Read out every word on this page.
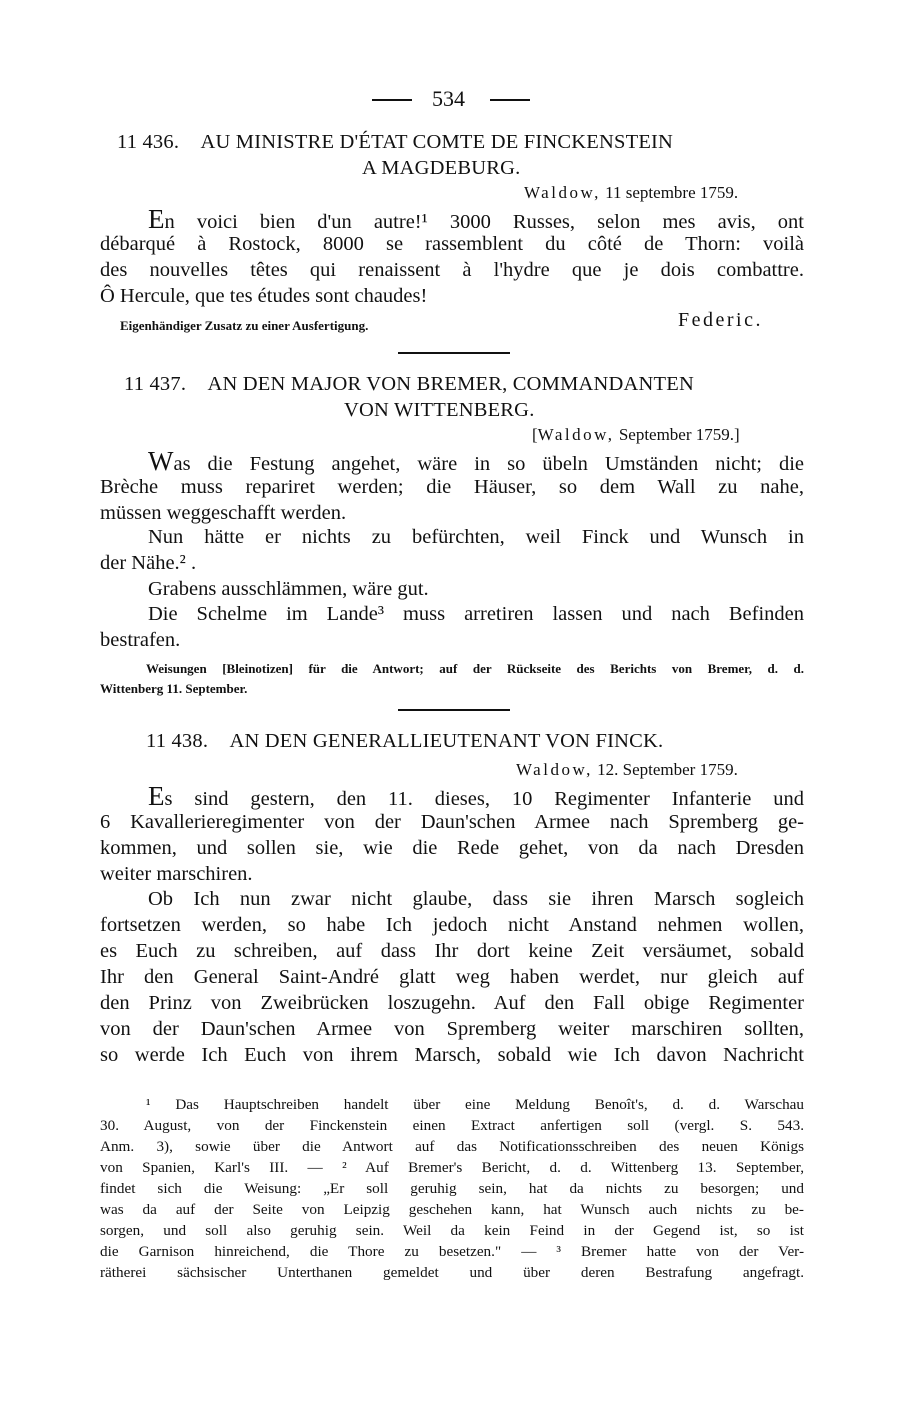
534
11 436. AU MINISTRE D'ÉTAT COMTE DE FINCKENSTEIN
A MAGDEBURG.
Waldow, 11 septembre 1759.
En voici bien d'un autre!¹ 3000 Russes, selon mes avis, ont
débarqué à Rostock, 8000 se rassemblent du côté de Thorn: voilà
des nouvelles têtes qui renaissent à l'hydre que je dois combattre.
Ô Hercule, que tes études sont chaudes!
Eigenhändiger Zusatz zu einer Ausfertigung.	Federic.
11 437. AN DEN MAJOR VON BREMER, COMMANDANTEN
VON WITTENBERG.
[Waldow, September 1759.]
Was die Festung angehet, wäre in so übeln Umständen nicht; die
Brèche muss repariret werden; die Häuser, so dem Wall zu nahe,
müssen weggeschafft werden.
Nun hätte er nichts zu befürchten, weil Finck und Wunsch in
der Nähe.² .
Grabens ausschlämmen, wäre gut.
Die Schelme im Lande³ muss arretiren lassen und nach Befinden
bestrafen.
Weisungen [Bleinotizen] für die Antwort; auf der Rückseite des Berichts von Bremer, d. d.
Wittenberg 11. September.
11 438. AN DEN GENERALLIEUTENANT VON FINCK.
Waldow, 12. September 1759.
Es sind gestern, den 11. dieses, 10 Regimenter Infanterie und
6 Kavallerieregimenter von der Daun'schen Armee nach Spremberg ge-
kommen, und sollen sie, wie die Rede gehet, von da nach Dresden
weiter marschiren.
Ob Ich nun zwar nicht glaube, dass sie ihren Marsch sogleich
fortsetzen werden, so habe Ich jedoch nicht Anstand nehmen wollen,
es Euch zu schreiben, auf dass Ihr dort keine Zeit versäumet, sobald
Ihr den General Saint-André glatt weg haben werdet, nur gleich auf
den Prinz von Zweibrücken loszugehn. Auf den Fall obige Regimenter
von der Daun'schen Armee von Spremberg weiter marschiren sollten,
so werde Ich Euch von ihrem Marsch, sobald wie Ich davon Nachricht
¹ Das Hauptschreiben handelt über eine Meldung Benoît's, d. d. Warschau
30. August, von der Finckenstein einen Extract anfertigen soll (vergl. S. 543.
Anm. 3), sowie über die Antwort auf das Notificationsschreiben des neuen Königs
von Spanien, Karl's III. — ² Auf Bremer's Bericht, d. d. Wittenberg 13. September,
findet sich die Weisung: „Er soll geruhig sein, hat da nichts zu besorgen; und
was da auf der Seite von Leipzig geschehen kann, hat Wunsch auch nichts zu be-
sorgen, und soll also geruhig sein. Weil da kein Feind in der Gegend ist, so ist
die Garnison hinreichend, die Thore zu besetzen." — ³ Bremer hatte von der Ver-
rätherei sächsischer Unterthanen gemeldet und über deren Bestrafung angefragt.
